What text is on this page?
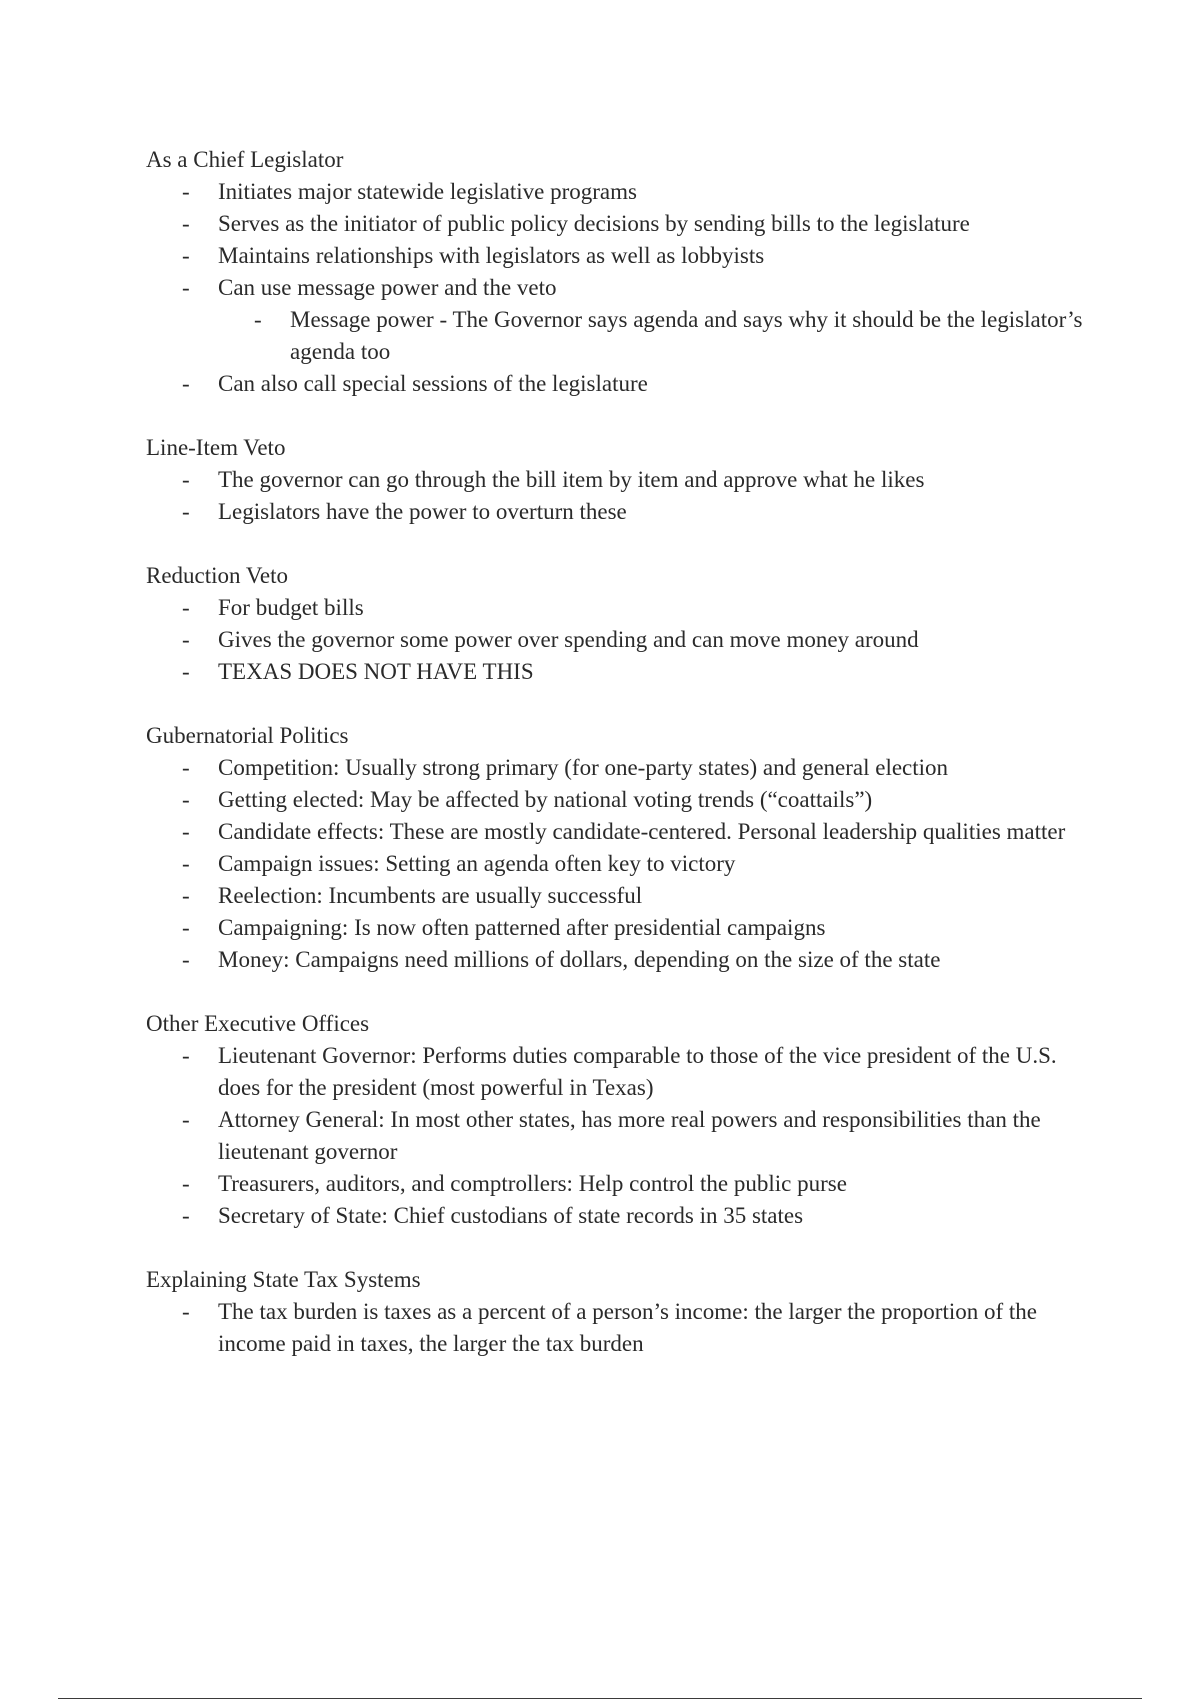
As a Chief Legislator
- Initiates major statewide legislative programs
- Serves as the initiator of public policy decisions by sending bills to the legislature
- Maintains relationships with legislators as well as lobbyists
- Can use message power and the veto
- Message power - The Governor says agenda and says why it should be the legislator’s agenda too
- Can also call special sessions of the legislature
Line-Item Veto
- The governor can go through the bill item by item and approve what he likes
- Legislators have the power to overturn these
Reduction Veto
- For budget bills
- Gives the governor some power over spending and can move money around
- TEXAS DOES NOT HAVE THIS
Gubernatorial Politics
- Competition: Usually strong primary (for one-party states) and general election
- Getting elected: May be affected by national voting trends (“coattails”)
- Candidate effects: These are mostly candidate-centered. Personal leadership qualities matter
- Campaign issues: Setting an agenda often key to victory
- Reelection: Incumbents are usually successful
- Campaigning: Is now often patterned after presidential campaigns
- Money: Campaigns need millions of dollars, depending on the size of the state
Other Executive Offices
- Lieutenant Governor: Performs duties comparable to those of the vice president of the U.S. does for the president (most powerful in Texas)
- Attorney General: In most other states, has more real powers and responsibilities than the lieutenant governor
- Treasurers, auditors, and comptrollers: Help control the public purse
- Secretary of State: Chief custodians of state records in 35 states
Explaining State Tax Systems
- The tax burden is taxes as a percent of a person’s income: the larger the proportion of the income paid in taxes, the larger the tax burden
